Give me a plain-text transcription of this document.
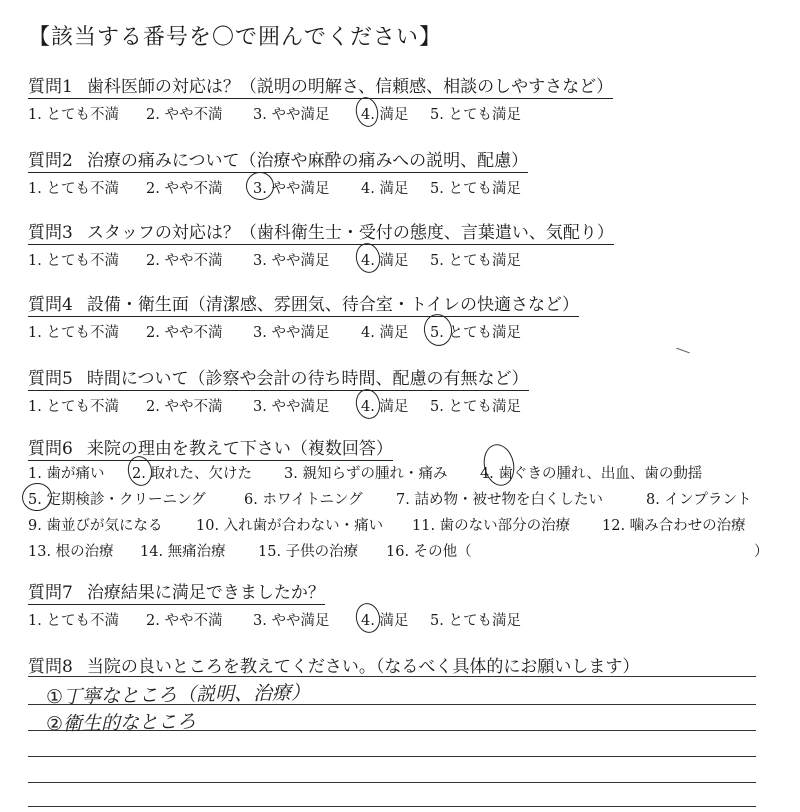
【該当する番号を〇で囲んでください】
質問1 歯科医師の対応は？（説明の明解さ、信頼感、相談のしやすさなど）
1. とても不満 2. やや不満 3. やや満足 4. 満足 5. とても満足
質問2 治療の痛みについて（治療や麻酔の痛みへの説明、配慮）
1. とても不満 2. やや不満 3. やや満足 4. 満足 5. とても満足
質問3 スタッフの対応は？（歯科衛生士・受付の態度、言葉遣い、気配り）
1. とても不満 2. やや不満 3. やや満足 4. 満足 5. とても満足
質問4 設備・衛生面（清潔感、雰囲気、待合室・トイレの快適さなど）
1. とても不満 2. やや不満 3. やや満足 4. 満足 5. とても満足
質問5 時間について（診察や会計の待ち時間、配慮の有無など）
1. とても不満 2. やや不満 3. やや満足 4. 満足 5. とても満足
質問6 来院の理由を教えて下さい（複数回答）
1. 歯が痛い 2. 取れた、欠けた 3. 親知らずの腫れ・痛み 4. 歯ぐきの腫れ、出血、歯の動揺
5. 定期検診・クリーニング	6. ホワイトニング 7. 詰め物・被せ物を白くしたい	8. インプラント
9. 歯並びが気になる 10. 入れ歯が合わない・痛い 11. 歯のない部分の治療 12. 噛み合わせの治療
13. 根の治療 14. 無痛治療 15. 子供の治療 16. その他（	）
質問7 治療結果に満足できましたか？
1. とても不満 2. やや不満 3. やや満足 4. 満足 5. とても満足
質問8 当院の良いところを教えてください。（なるべく具体的にお願いします）
①丁寧なところ（説明、治療）
②衛生的なところ
